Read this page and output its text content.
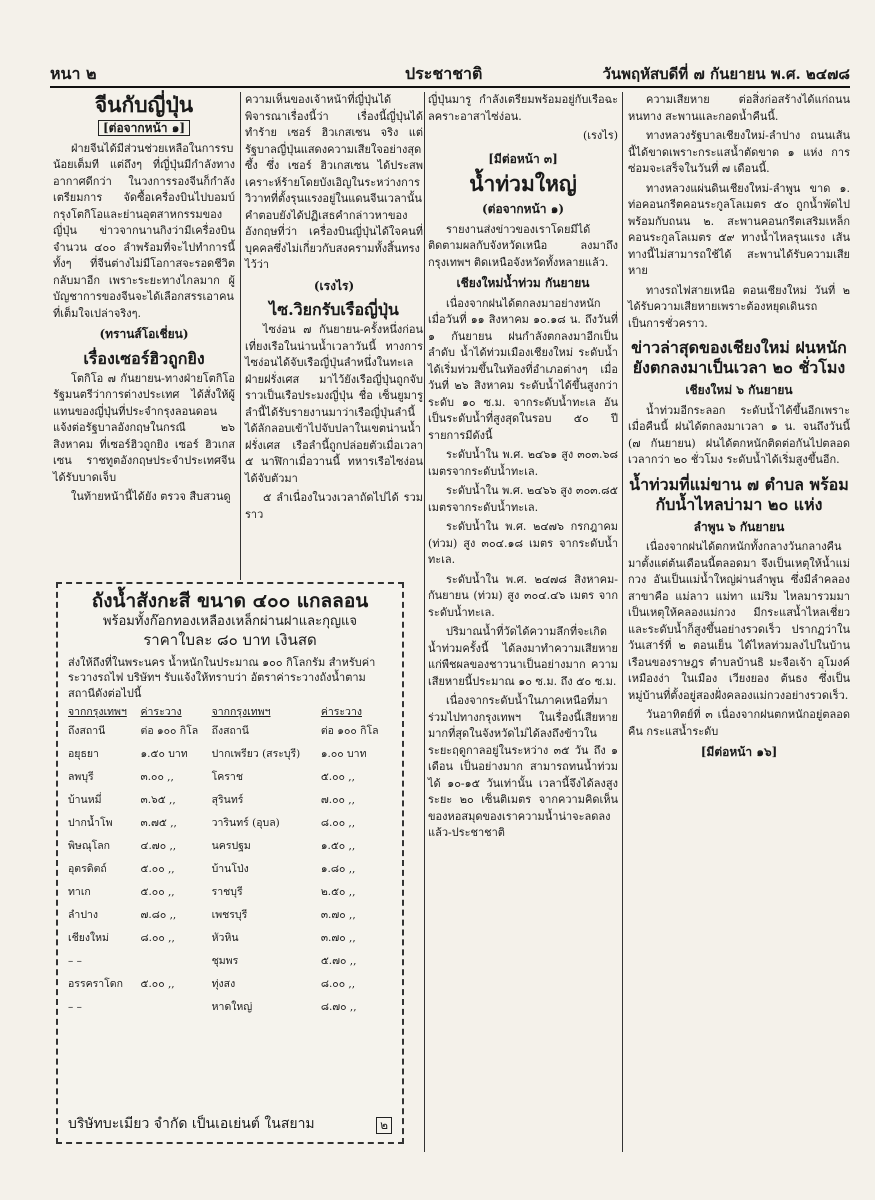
หนา ๒	ประชาชาติ	วันพฤหัสบดีที่ ๗ กันยายน พ.ศ. ๒๔๗๘
จีนกับญี่ปุ่น
[ต่อจากหน้า ๑]

ฝ่ายจีนได้มีส่วนช่วยเหลือในการรบน้อยเต็มที แต่ถึงๆ ที่ญี่ปุ่นมีกำลังทางอากาศดีกว่า ในวงการรองจีนก็กำลังเตรียมการ จัดซื้อเครื่องบินไปบอมบ์กรุงโตกิโอและย่านอุตสาหกรรมของญี่ปุ่น ข่าวจากนานกิงว่ามีเครื่องบินจำนวน ๔๐๐ ลำพร้อมที่จะไปทำการนี้ ทั้งๆ ที่จีนต่างไม่มีโอกาสจะรอดชีวิตกลับมาอีก เพราะระยะทางไกลมาก ผู้บัญชาการของจีนจะได้เลือกสรรเอาคนที่เต็มใจเปล่าจริงๆ.

(ทรานส์โอเชี่ยน)
เรื่องเซอร์ฮิวถูกยิง

โตกิโอ ๗ กันยายน-ทางฝ่ายโตกิโอรัฐมนตรีว่าการต่างประเทศ ได้สั่งให้ผู้แทนของญี่ปุ่นที่ประจำกรุงลอนดอน แจ้งต่อรัฐบาลอังกฤษในกรณี ๒๖ สิงหาคม ที่เซอร์ฮิวถูกยิง เซอร์ ฮิวเกสเซน ราชทูตอังกฤษประจำประเทศจีน ได้รับบาดเจ็บ

ในท้ายหน้านี้ได้ยัง ตรวจ สืบสวนดู

ความเห็นของเจ้าหน้าที่ญี่ปุ่นได้พิจารณาเรื่องนี้ว่า เรื่องนี้ญี่ปุ่นได้ทำร้าย เซอร์ ฮิวเกสเซน จริง แต่รัฐบาลญี่ปุ่นแสดงความเสียใจอย่างสุดซึ้ง ซึ่ง เซอร์ ฮิวเกสเซน ได้ประสพเคราะห์ร้ายโดยบังเอิญในระหว่างการวิวาทที่ตั้งรุนแรงอยู่ในแดนจีนเวลานั้น คำตอบยังได้ปฏิเสธคำกล่าวหาของอังกฤษที่ว่า เครื่องบินญี่ปุ่นได้ใจคนที่บุคคลซึ่งไม่เกี่ยวกับสงครามทั้งสิ้นทรงไว้ว่า

(เรงไร)
ไซ.วิยกรับเรือญี่ปุ่น

ไซง่อน ๗ กันยายน-ครั้งหนึ่งก่อนเที่ยงเรือในน่านน้ำเวลาวันนี้ ทางการไซง่อนได้จับเรือญี่ปุ่นลำหนึ่งในทะเลฝ่ายฝรั่งเศส มาไว้ยังเรือญี่ปุ่นถูกจับ ราวเป็นเรือประมงญี่ปุ่น ชื่อ เซ็นยูมารู ลำนี้ได้รับรายงานมาว่าเรือญี่ปุ่นลำนี้ได้ลักลอบเข้าไปจับปลาในเขตน่านน้ำฝรั่งเศส เรือลำนี้ถูกปล่อยตัวเมื่อเวลา ๕ นาฬิกาเมื่อวานนี้ ทหารเรือไซง่อนได้จับตัวมา

๕ ลำเนื่องในวงเวลาถัดไปได้ รวมราว

ญี่ปุ่นมารู กำลังเตรียมพร้อมอยู่กับเรือฉะลคราะอาสาไซ่ง่อน.

(เรงไร)
[มีต่อหน้า ๓]
น้ำท่วมใหญ่
(ต่อจากหน้า ๑)

รายงานส่งข่าวของเราโดยมีได้ติดตามผลกับจังหวัดเหนือ ลงมาถึงกรุงเทพฯ ติดเหนือจังหวัดทั้งหลายแล้ว.

เชียงใหม่น้ำท่วม กันยายน

เนื่องจากฝนได้ตกลงมาอย่างหนักเมื่อวันที่ ๑๑ สิงหาคม ๑๐.๑๘ น. ถึงวันที่ ๑ กันยายน ฝนกำลังตกลงมาอีกเป็นลำดับ น้ำได้ท่วมเมืองเชียงใหม่ ระดับน้ำได้เริ่มท่วมขึ้นในท้องที่อำเภอต่างๆ เมื่อวันที่ ๒๖ สิงหาคม ระดับน้ำได้ขึ้นสูงกว่าระดับ ๑๐ ซ.ม. จากระดับน้ำทะเล อันเป็นระดับน้ำที่สูงสุดในรอบ ๕๐ ปี รายการมีดังนี้

ระดับน้ำใน พ.ศ. ๒๔๖๑ สูง ๓๐๓.๖๘ เมตรจากระดับน้ำทะเล.

ระดับน้ำใน พ.ศ. ๒๔๖๖ สูง ๓๐๓.๘๕ เมตรจากระดับน้ำทะเล.

ระดับน้ำใน พ.ศ. ๒๔๗๖ กรกฎาคม (ท่วม) สูง ๓๐๔.๑๘ เมตร จากระดับน้ำทะเล.

ระดับน้ำใน พ.ศ. ๒๔๗๘ สิงหาคม-กันยายน (ท่วม) สูง ๓๐๔.๔๖ เมตร จากระดับน้ำทะเล.

ปริมาณน้ำที่วัดได้ความลึกที่จะเกิดน้ำท่วมครั้งนี้ ได้ลงมาทำความเสียหายแก่พืชผลของชาวนาเป็นอย่างมาก ความเสียหายนี้ประมาณ ๑๐ ซ.ม. ถึง ๕๐ ซ.ม.

เนื่องจากระดับน้ำในภาคเหนือที่มาร่วมไปทางกรุงเทพฯ ในเรื่องนี้เสียหายมากที่สุดในจังหวัดไม่ได้ลงถึงข้าวในระยะฤดูกาลอยู่ในระหว่าง ๓๕ วัน ถึง ๑ เดือน เป็นอย่างมาก สามารถทนน้ำท่วมได้ ๑๐-๑๕ วันเท่านั้น เวลานี้จึงได้ลงสูง ระยะ ๒๐ เซ็นติเมตร จากความคิดเห็นของหอสมุดของเราความน้ำน่าจะลดลงแล้ว-ประชาชาติ

ความเสียหาย ต่อสิ่งก่อสร้างได้แก่ถนนหนทาง สะพานและกอดน้ำคืนนี้.

ทางหลวงรัฐบาลเชียงใหม่-ลำปาง ถนนเส้นนี้ได้ขาดเพราะกระแสน้ำตัดขาด ๑ แห่ง การซ่อมจะเสร็จในวันที่ ๗ เดือนนี้.

ทางหลวงแผ่นดินเชียงใหม่-ลำพูน ขาด ๑. ท่อคอนกรีตคอนระกูลโลเมตร ๕๐ ถูกน้ำพัดไปพร้อมกับถนน ๒. สะพานคอนกรีตเสริมเหล็ก คอนระกูลโลเมตร ๕๙ ทางน้ำไหลรุนแรง เส้นทางนี้ไม่สามารถใช้ได้ สะพานได้รับความเสียหาย

ทางรถไฟสายเหนือ ตอนเชียงใหม่ วันที่ ๒ ได้รับความเสียหายเพราะต้องหยุดเดินรถเป็นการชั่วคราว.

ข่าวล่าสุดของเชียงใหม่ ฝนหนักยังตกลงมาเป็นเวลา ๒๐ ชั่วโมง
เชียงใหม่ ๖ กันยายน

น้ำท่วมอีกระลอก ระดับน้ำได้ขึ้นอีกเพราะเมื่อคืนนี้ ฝนได้ตกลงมาเวลา ๑ น. จนถึงวันนี้ (๗ กันยายน) ฝนได้ตกหนักติดต่อกันไปตลอดเวลากว่า ๒๐ ชั่วโมง ระดับน้ำได้เริ่มสูงขึ้นอีก.

น้ำท่วมที่แม่ขาน ๗ ตำบล พร้อมกับน้ำไหลบ่ามา ๒๐ แห่ง
ลำพูน ๖ กันยายน

เนื่องจากฝนได้ตกหนักทั้งกลางวันกลางคืนมาตั้งแต่ต้นเดือนนี้ตลอดมา จึงเป็นเหตุให้น้ำแม่กวง อันเป็นแม่น้ำใหญ่ผ่านลำพูน ซึ่งมีลำคลอง สาขาคือ แม่ลาว แม่ทา แม่ริม ไหลมารวมมาเป็นเหตุให้คลองแม่กวง มีกระแสน้ำไหลเชี่ยวและระดับน้ำก็สูงขึ้นอย่างรวดเร็ว ปรากฏว่าในวันเสาร์ที่ ๒ ตอนเย็น ได้ไหลท่วมลงไปในบ้านเรือนของราษฎร ตำบลบ้านธิ มะจือเจ้า อุโมงค์ เหมืองง่า ในเมือง เวียงยอง ต้นธง ซึ่งเป็นหมู่บ้านที่ตั้งอยู่สองฝั่งคลองแม่กวงอย่างรวดเร็ว.

วันอาทิตย์ที่ ๓ เนื่องจากฝนตกหนักอยู่ตลอดคืน กระแสน้ำระดับ

[มีต่อหน้า ๑๖]
ถังน้ำสังกะสี ขนาด ๔๐๐ แกลลอน
พร้อมทั้งก๊อกทองเหลืองเหล็กผ่านฝาและกุญแจ
ราคาใบละ ๘๐ บาท เงินสด

ส่งให้ถึงที่ในพระนคร น้ำหนักในประมาณ ๑๐๐ กิโลกรัม สำหรับค่าระวางรถไฟ บริษัทฯ รับแจ้งให้ทราบว่า อัตราค่าระวางถังน้ำตามสถานีดังต่อไปนี้

จากกรุงเทพฯ	ค่าระวาง	จากกรุงเทพฯ	ค่าระวาง
ถึงสถานี	ต่อ ๑๐๐ กิโล	ถึงสถานี	ต่อ ๑๐๐ กิโล
อยุธยา	๑.๕๐ บาท	ปากเพรียว (สระบุรี)	๑.๐๐ บาท
ลพบุรี	๓.๐๐ ,,	โคราช	๕.๐๐ ,,
บ้านหมี่	๓.๖๕ ,,	สุรินทร์	๗.๐๐ ,,
ปากน้ำโพ	๓.๗๕ ,,	วารินทร์ (อุบล)	๘.๐๐ ,,
พิษณุโลก	๔.๗๐ ,,	นครปฐม	๑.๕๐ ,,
อุตรดิตถ์	๕.๐๐ ,,	บ้านโป่ง	๑.๘๐ ,,
ทาเก	๕.๐๐ ,,	ราชบุรี	๒.๕๐ ,,
ลำปาง	๗.๘๐ ,,	เพชรบุรี	๓.๗๐ ,,
เชียงใหม่	๘.๐๐ ,,	หัวหิน	๓.๗๐ ,,
– –		ชุมพร	๕.๗๐ ,,
อรรคราโดก	๕.๐๐ ,,	ทุ่งสง	๘.๐๐ ,,
– –		หาดใหญ่	๘.๗๐ ,,
บริษัทบะเมียว จำกัด เป็นเอเย่นต์ ในสยาม	๒
